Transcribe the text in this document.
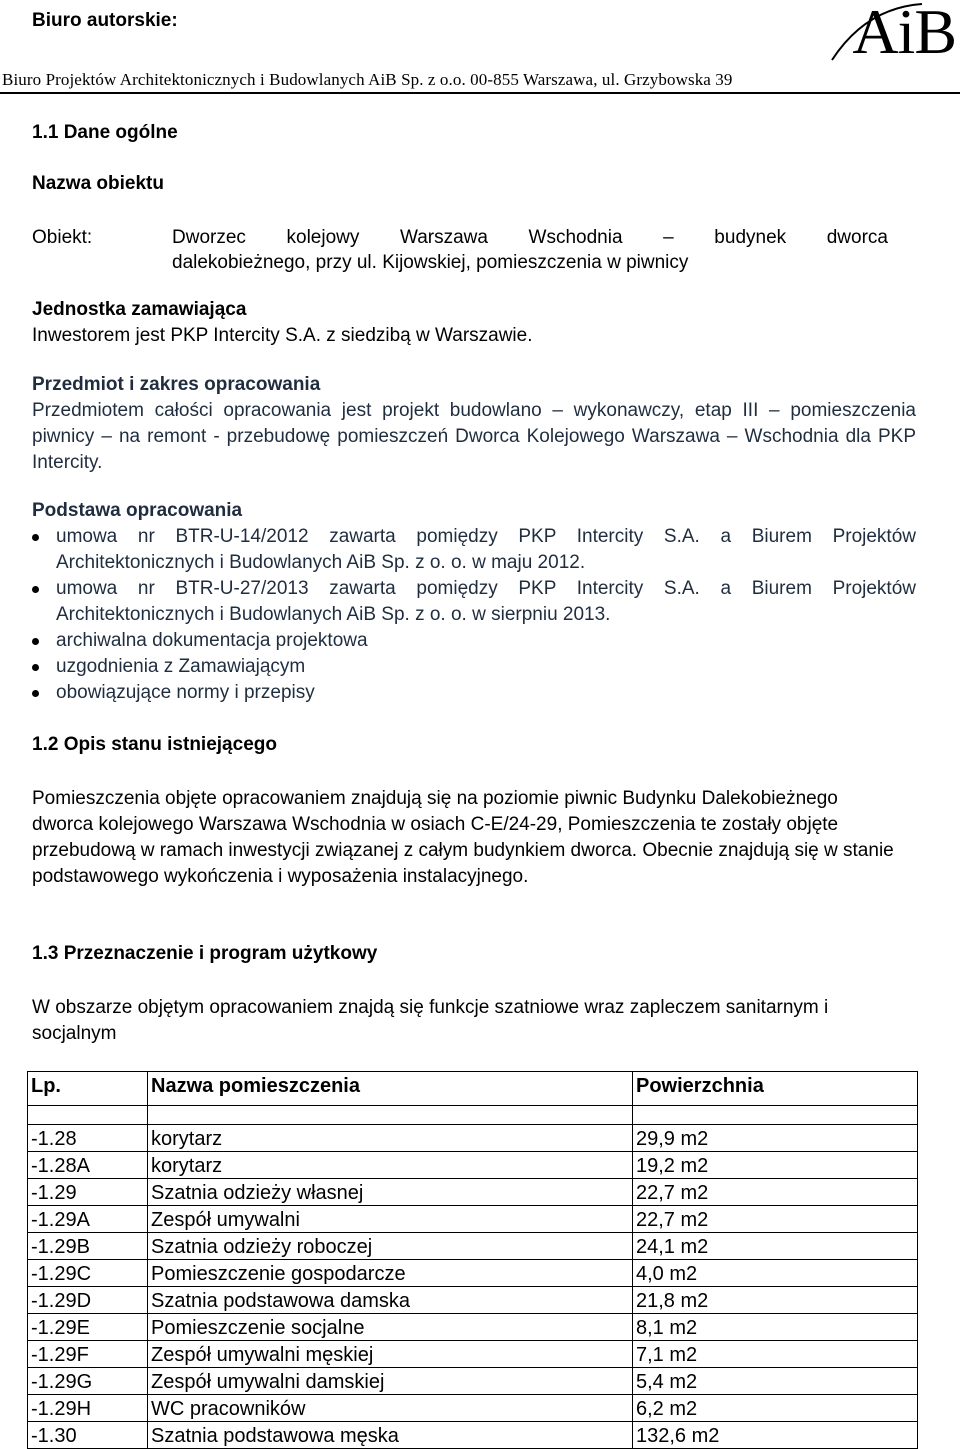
Biuro autorskie:	AiB
Biuro Projektów Architektonicznych i Budowlanych AiB Sp. z o.o. 00-855 Warszawa, ul. Grzybowska 39
1.1 Dane ogólne
Nazwa obiektu
Obiekt:	Dworzec kolejowy Warszawa Wschodnia – budynek dworca
dalekobieżnego, przy ul. Kijowskiej, pomieszczenia w piwnicy
Jednostka zamawiająca
Inwestorem jest PKP Intercity S.A. z siedzibą w Warszawie.
Przedmiot i zakres opracowania
Przedmiotem całości opracowania jest projekt budowlano – wykonawczy, etap III – pomieszczenia piwnicy – na remont - przebudowę pomieszczeń Dworca Kolejowego Warszawa – Wschodnia dla PKP Intercity.
Podstawa opracowania
umowa nr BTR-U-14/2012 zawarta pomiędzy PKP Intercity S.A. a Biurem Projektów Architektonicznych i Budowlanych AiB Sp. z o. o. w maju 2012.
umowa nr BTR-U-27/2013 zawarta pomiędzy PKP Intercity S.A. a Biurem Projektów Architektonicznych i Budowlanych AiB Sp. z o. o. w sierpniu 2013.
archiwalna dokumentacja projektowa
uzgodnienia z Zamawiającym
obowiązujące normy i przepisy
1.2 Opis stanu istniejącego
Pomieszczenia objęte opracowaniem znajdują się na poziomie piwnic Budynku Dalekobieżnego dworca kolejowego Warszawa Wschodnia w osiach C-E/24-29, Pomieszczenia te zostały objęte przebudową w ramach inwestycji związanej z całym budynkiem dworca. Obecnie znajdują się w stanie podstawowego wykończenia i wyposażenia instalacyjnego.
1.3 Przeznaczenie i program użytkowy
W obszarze objętym opracowaniem znajdą się funkcje szatniowe wraz zapleczem sanitarnym i socjalnym
Lp.	Nazwa pomieszczenia	Powierzchnia

-1.28	korytarz	29,9 m2
-1.28A	korytarz	19,2 m2
-1.29	Szatnia odzieży własnej	22,7 m2
-1.29A	Zespół umywalni	22,7 m2
-1.29B	Szatnia odzieży roboczej	24,1 m2
-1.29C	Pomieszczenie gospodarcze	4,0 m2
-1.29D	Szatnia podstawowa damska	21,8 m2
-1.29E	Pomieszczenie socjalne	8,1 m2
-1.29F	Zespół umywalni męskiej	7,1 m2
-1.29G	Zespół umywalni damskiej	5,4 m2
-1.29H	WC pracowników	6,2 m2
-1.30	Szatnia podstawowa męska	132,6 m2
